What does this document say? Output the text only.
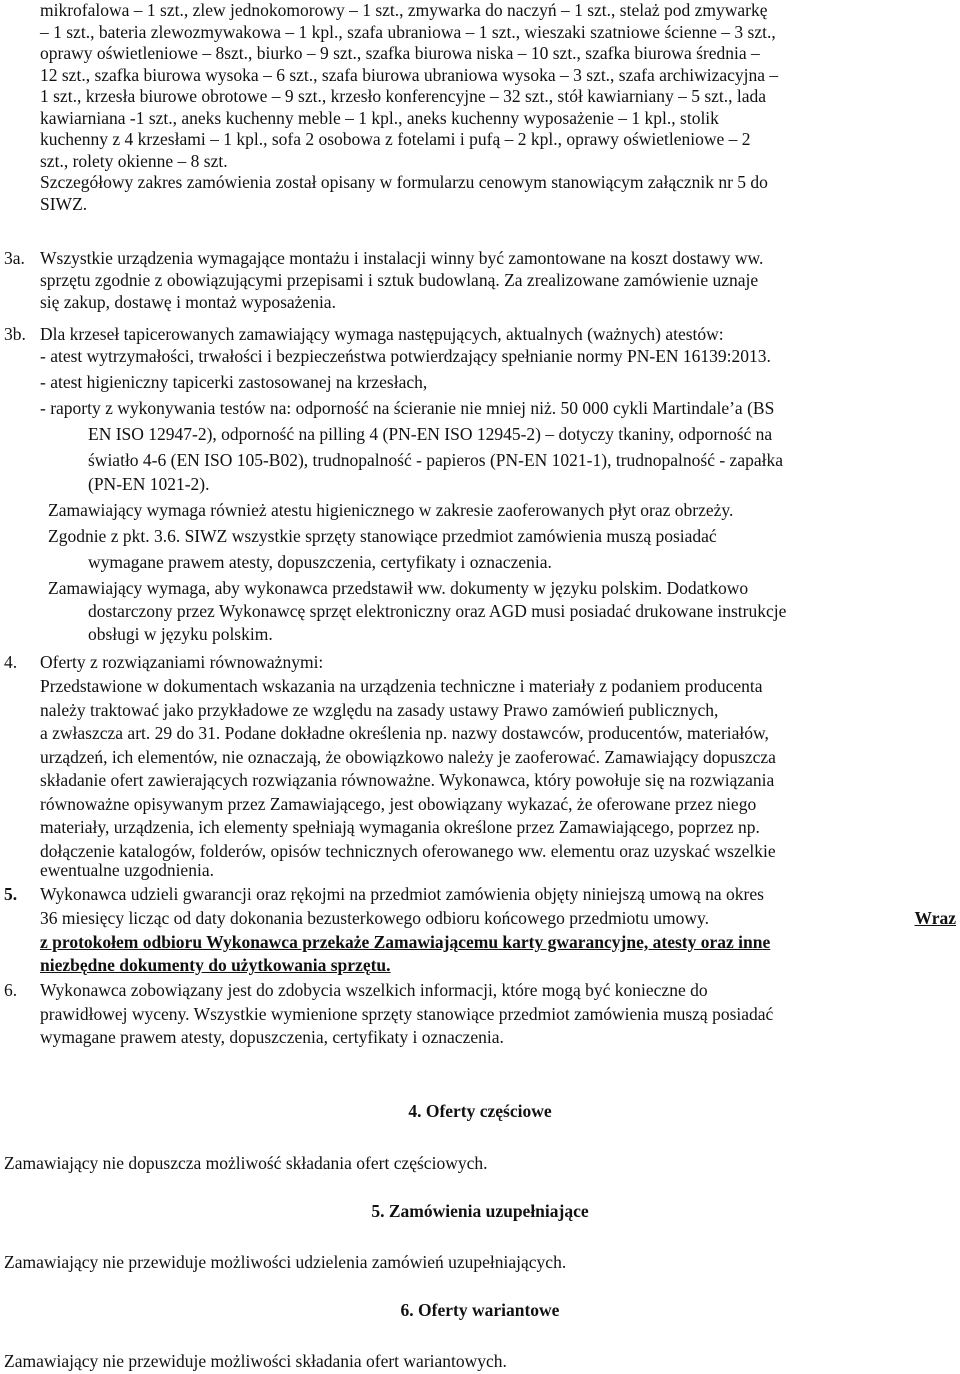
mikrofalowa – 1 szt., zlew jednokomorowy – 1 szt., zmywarka do naczyń – 1 szt., stelaż pod zmywarkę
– 1 szt., bateria zlewozmywakowa – 1 kpl., szafa ubraniowa – 1 szt., wieszaki szatniowe ścienne – 3 szt.,
oprawy oświetleniowe – 8szt., biurko – 9 szt., szafka biurowa niska – 10 szt., szafka biurowa średnia –
12 szt., szafka biurowa wysoka – 6 szt., szafa biurowa ubraniowa wysoka – 3 szt., szafa archiwizacyjna –
1 szt., krzesła biurowe obrotowe – 9 szt., krzesło konferencyjne – 32 szt., stół kawiarniany – 5 szt., lada
kawiarniana -1 szt., aneks kuchenny meble – 1 kpl., aneks kuchenny wyposażenie – 1 kpl., stolik
kuchenny z 4 krzesłami – 1 kpl., sofa 2 osobowa z fotelami i pufą – 2 kpl., oprawy oświetleniowe – 2
szt., rolety okienne – 8 szt.
Szczegółowy zakres zamówienia został opisany w formularzu cenowym stanowiącym załącznik nr 5 do
SIWZ.
3a. Wszystkie urządzenia wymagające montażu i instalacji winny być zamontowane na koszt dostawy ww.
sprzętu zgodnie z obowiązującymi przepisami i sztuk budowlaną. Za zrealizowane zamówienie uznaje
się zakup, dostawę i montaż wyposażenia.
3b. Dla krzeseł tapicerowanych zamawiający wymaga następujących, aktualnych (ważnych) atestów:
- atest wytrzymałości, trwałości i bezpieczeństwa potwierdzający spełnianie normy PN-EN 16139:2013.
- atest higieniczny tapicerki zastosowanej na krzesłach,
- raporty z wykonywania testów na: odporność na ścieranie nie mniej niż. 50 000 cykli Martindale’a (BS
EN ISO 12947-2), odporność na pilling 4 (PN-EN ISO 12945-2) – dotyczy tkaniny, odporność na
światło 4-6 (EN ISO 105-B02), trudnopalność - papieros (PN-EN 1021-1), trudnopalność - zapałka
(PN-EN 1021-2).
Zamawiający wymaga również atestu higienicznego w zakresie zaoferowanych płyt oraz obrzeży.
Zgodnie z pkt. 3.6. SIWZ wszystkie sprzęty stanowiące przedmiot zamówienia muszą posiadać
wymagane prawem atesty, dopuszczenia, certyfikaty i oznaczenia.
Zamawiający wymaga, aby wykonawca przedstawił ww. dokumenty w języku polskim. Dodatkowo
dostarczony przez Wykonawcę sprzęt elektroniczny oraz AGD musi posiadać drukowane instrukcje
obsługi w języku polskim.
4. Oferty z rozwiązaniami równoważnymi:
Przedstawione w dokumentach wskazania na urządzenia techniczne i materiały z podaniem producenta
należy traktować jako przykładowe ze względu na zasady ustawy Prawo zamówień publicznych,
a zwłaszcza art. 29 do 31. Podane dokładne określenia np. nazwy dostawców, producentów, materiałów,
urządzeń, ich elementów, nie oznaczają, że obowiązkowo należy je zaoferować. Zamawiający dopuszcza
składanie ofert zawierających rozwiązania równoważne. Wykonawca, który powołuje się na rozwiązania
równoważne opisywanym przez Zamawiającego, jest obowiązany wykazać, że oferowane przez niego
materiały, urządzenia, ich elementy spełniają wymagania określone przez Zamawiającego, poprzez np.
dołączenie katalogów, folderów, opisów technicznych oferowanego ww. elementu oraz uzyskać wszelkie
ewentualne uzgodnienia.
5. Wykonawca udzieli gwarancji oraz rękojmi na przedmiot zamówienia objęty niniejszą umową na okres
36 miesięcy licząc od daty dokonania bezusterkowego odbioru końcowego przedmiotu umowy.	Wraz
z protokołem odbioru Wykonawca przekaże Zamawiającemu karty gwarancyjne, atesty oraz inne
niezbędne dokumenty do użytkowania sprzętu.
6. Wykonawca zobowiązany jest do zdobycia wszelkich informacji, które mogą być konieczne do
prawidłowej wyceny. Wszystkie wymienione sprzęty stanowiące przedmiot zamówienia muszą posiadać
wymagane prawem atesty, dopuszczenia, certyfikaty i oznaczenia.
4. Oferty częściowe
Zamawiający nie dopuszcza możliwość składania ofert częściowych.
5. Zamówienia uzupełniające
Zamawiający nie przewiduje możliwości udzielenia zamówień uzupełniających.
6. Oferty wariantowe
Zamawiający nie przewiduje możliwości składania ofert wariantowych.
